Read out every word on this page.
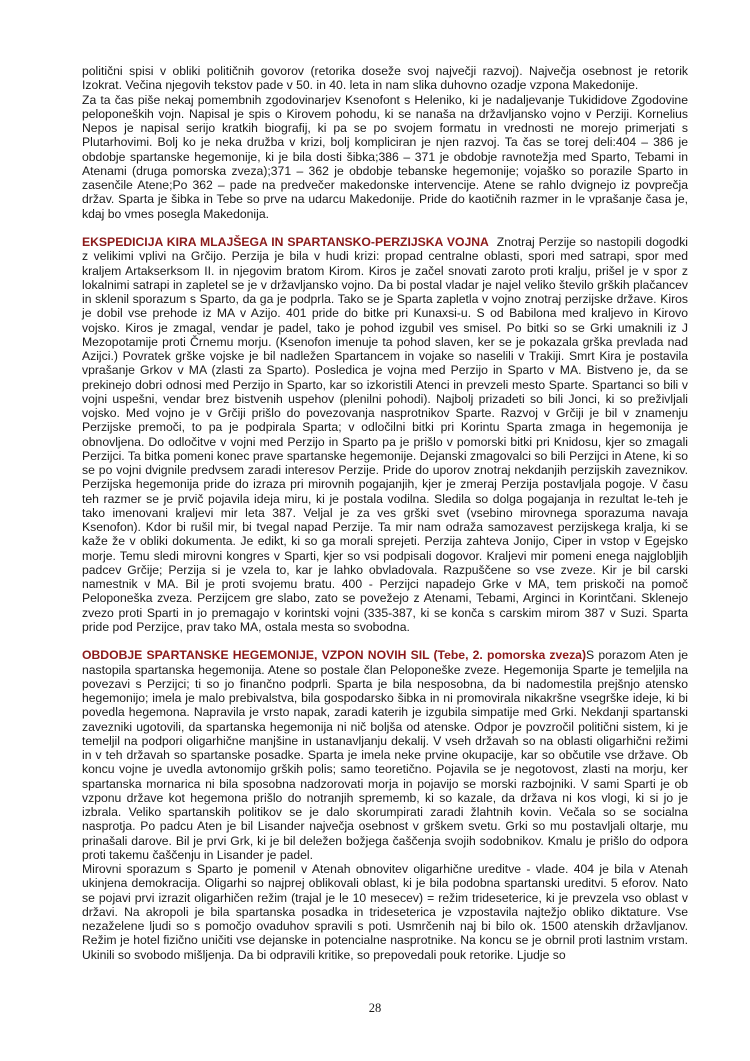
politični spisi v obliki političnih govorov (retorika doseže svoj največji razvoj). Največja osebnost je retorik Izokrat. Večina njegovih tekstov pade v 50. in 40. leta in nam slika duhovno ozadje vzpona Makedonije.

Za ta čas piše nekaj pomembnih zgodovinarjev Ksenofont s Heleniko, ki je nadaljevanje Tukididove Zgodovine peloponeških vojn. Napisal je spis o Kirovem pohodu, ki se nanaša na državljansko vojno v Perziji. Kornelius Nepos je napisal serijo kratkih biografij, ki pa se po svojem formatu in vrednosti ne morejo primerjati s Plutarhovimi. Bolj ko je neka družba v krizi, bolj kompliciran je njen razvoj. Ta čas se torej deli:404 – 386 je obdobje spartanske hegemonije, ki je bila dosti šibka;386 – 371 je obdobje ravnotežja med Sparto, Tebami in Atenami (druga pomorska zveza);371 – 362 je obdobje tebanske hegemonije; vojaško so porazile Sparto in zasenčile Atene;Po 362 – pade na predvečer makedonske intervencije. Atene se rahlo dvignejo iz povprečja držav. Sparta je šibka in Tebe so prve na udarcu Makedonije. Pride do kaotičnih razmer in le vprašanje časa je, kdaj bo vmes posegla Makedonija.

EKSPEDICIJA KIRA MLAJŠEGA IN SPARTANSKO-PERZIJSKA VOJNA  Znotraj Perzije so nastopili dogodki z velikimi vplivi na Grčijo. Perzija je bila v hudi krizi: propad centralne oblasti, spori med satrapi, spor med kraljem Artakserksom II. in njegovim bratom Kirom. Kiros je začel snovati zaroto proti kralju, prišel je v spor z lokalnimi satrapi in zapletel se je v državljansko vojno. Da bi postal vladar je najel veliko število grških plačancev in sklenil sporazum s Sparto, da ga je podprla. Tako se je Sparta zapletla v vojno znotraj perzijske države. Kiros je dobil vse prehode iz MA v Azijo. 401 pride do bitke pri Kunaxsi-u. S od Babilona med kraljevo in Kirovo vojsko. Kiros je zmagal, vendar je padel, tako je pohod izgubil ves smisel. Po bitki so se Grki umaknili iz J Mezopotamije proti Črnemu morju. (Ksenofon imenuje ta pohod slaven, ker se je pokazala grška prevlada nad Azijci.) Povratek grške vojske je bil nadležen Spartancem in vojake so naselili v Trakiji. Smrt Kira je postavila vprašanje Grkov v MA (zlasti za Sparto). Posledica je vojna med Perzijo in Sparto v MA. Bistveno je, da se prekinejo dobri odnosi med Perzijo in Sparto, kar so izkoristili Atenci in prevzeli mesto Sparte. Spartanci so bili v vojni uspešni, vendar brez bistvenih uspehov (plenilni pohodi). Najbolj prizadeti so bili Jonci, ki so preživljali vojsko. Med vojno je v Grčiji prišlo do povezovanja nasprotnikov Sparte. Razvoj v Grčiji je bil v znamenju Perzijske premoči, to pa je podpirala Sparta; v odločilni bitki pri Korintu Sparta zmaga in hegemonija je obnovljena. Do odločitve v vojni med Perzijo in Sparto pa je prišlo v pomorski bitki pri Knidosu, kjer so zmagali Perzijci. Ta bitka pomeni konec prave spartanske hegemonije. Dejanski zmagovalci so bili Perzijci in Atene, ki so se po vojni dvignile predvsem zaradi interesov Perzije. Pride do uporov znotraj nekdanjih perzijskih zaveznikov. Perzijska hegemonija pride do izraza pri mirovnih pogajanjih, kjer je zmeraj Perzija postavljala pogoje. V času teh razmer se je prvič pojavila ideja miru, ki je postala vodilna. Sledila so dolga pogajanja in rezultat le-teh je tako imenovani kraljevi mir leta 387. Veljal je za ves grški svet (vsebino mirovnega sporazuma navaja Ksenofon). Kdor bi rušil mir, bi tvegal napad Perzije. Ta mir nam odraža samozavest perzijskega kralja, ki se kaže že v obliki dokumenta. Je edikt, ki so ga morali sprejeti. Perzija zahteva Jonijo, Ciper in vstop v Egejsko morje. Temu sledi mirovni kongres v Sparti, kjer so vsi podpisali dogovor. Kraljevi mir pomeni enega najglobljih padcev Grčije; Perzija si je vzela to, kar je lahko obvladovala. Razpuščene so vse zveze. Kir je bil carski namestnik v MA. Bil je proti svojemu bratu. 400 - Perzijci napadejo Grke v MA, tem priskoči na pomoč Peloponeška zveza. Perzijcem gre slabo, zato se povežejo z Atenami, Tebami, Arginci in Korintčani. Sklenejo zvezo proti Sparti in jo premagajo v korintski vojni (335-387, ki se konča s carskim mirom 387 v Suzi. Sparta pride pod Perzijce, prav tako MA, ostala mesta so svobodna.

OBDOBJE SPARTANSKE HEGEMONIJE, VZPON NOVIH SIL (Tebe, 2. pomorska zveza)S porazom Aten je nastopila spartanska hegemonija. Atene so postale član Peloponeške zveze. Hegemonija Sparte je temeljila na povezavi s Perzijci; ti so jo finančno podprli. Sparta je bila nesposobna, da bi nadomestila prejšnjo atensko hegemonijo; imela je malo prebivalstva, bila gospodarsko šibka in ni promovirala nikakršne vsegrške ideje, ki bi povedla hegemona. Napravila je vrsto napak, zaradi katerih je izgubila simpatije med Grki. Nekdanji spartanski zavezniki ugotovili, da spartanska hegemonija ni nič boljša od atenske. Odpor je povzročil politični sistem, ki je temeljil na podpori oligarhične manjšine in ustanavljanju dekalij. V vseh državah so na oblasti oligarhični režimi in v teh državah so spartanske posadke. Sparta je imela neke prvine okupacije, kar so občutile vse države. Ob koncu vojne je uvedla avtonomijo grških polis; samo teoretično. Pojavila se je negotovost, zlasti na morju, ker spartanska mornarica ni bila sposobna nadzorovati morja in pojavijo se morski razbojniki. V sami Sparti je ob vzponu države kot hegemona prišlo do notranjih sprememb, ki so kazale, da država ni kos vlogi, ki si jo je izbrala. Veliko spartanskih politikov se je dalo skorumpirati zaradi žlahtnih kovin. Večala so se socialna nasprotja. Po padcu Aten je bil Lisander največja osebnost v grškem svetu. Grki so mu postavljali oltarje, mu prinašali darove. Bil je prvi Grk, ki je bil deležen božjega čaščenja svojih sodobnikov. Kmalu je prišlo do odpora proti takemu čaščenju in Lisander je padel.

Mirovni sporazum s Sparto je pomenil v Atenah obnovitev oligarhične ureditve - vlade. 404 je bila v Atenah ukinjena demokracija. Oligarhi so najprej oblikovali oblast, ki je bila podobna spartanski ureditvi. 5 eforov. Nato se pojavi prvi izrazit oligarhičen režim (trajal je le 10 mesecev) = režim trideseterice, ki je prevzela vso oblast v državi. Na akropoli je bila spartanska posadka in trideseterica je vzpostavila najtežjo obliko diktature. Vse nezaželene ljudi so s pomočjo ovaduhov spravili s poti. Usmrčenih naj bi bilo ok. 1500 atenskih državljanov. Režim je hotel fizično uničiti vse dejanske in potencialne nasprotnike. Na koncu se je obrnil proti lastnim vrstam. Ukinili so svobodo mišljenja. Da bi odpravili kritike, so prepovedali pouk retorike. Ljudje so

28
